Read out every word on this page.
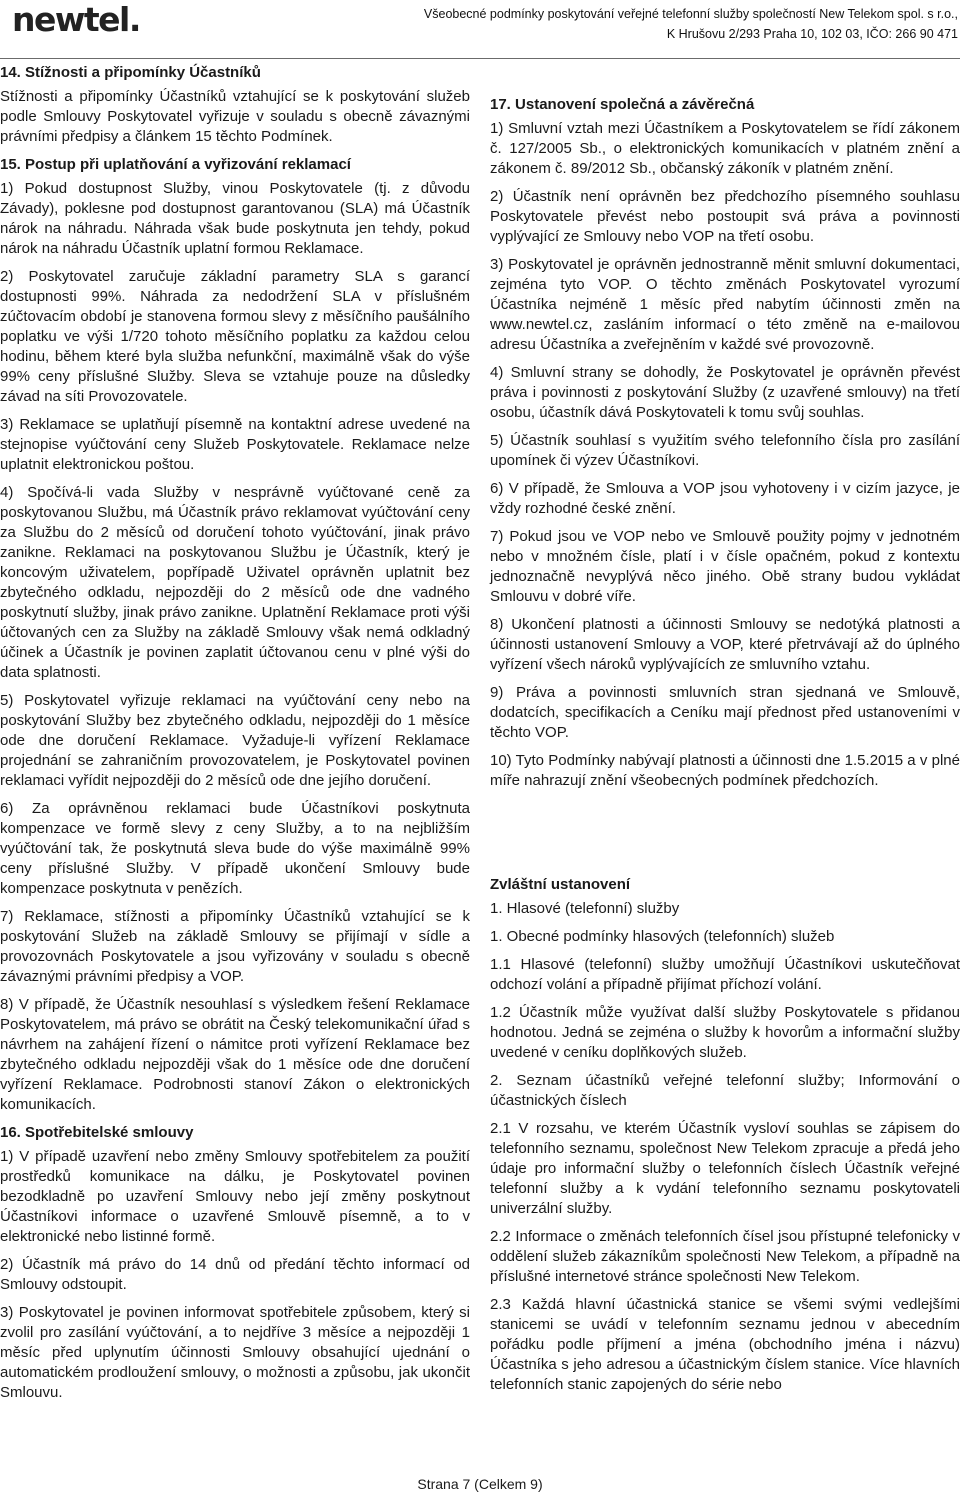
newtel.	Všeobecné podmínky poskytování veřejné telefonní služby společností New Telekom spol. s r.o.,
K Hrušovu 2/293 Praha 10, 102 03, IČO: 266 90 471
14. Stížnosti a připomínky Účastníků

Stížnosti a připomínky Účastníků vztahující se k poskytování služeb podle Smlouvy Poskytovatel vyřizuje v souladu s obecně závaznými právními předpisy a článkem 15 těchto Podmínek.

15. Postup při uplatňování a vyřizování reklamací

1) Pokud dostupnost Služby, vinou Poskytovatele (tj. z důvodu Závady), poklesne pod dostupnost garantovanou (SLA) má Účastník nárok na náhradu. Náhrada však bude poskytnuta jen tehdy, pokud nárok na náhradu Účastník uplatní formou Reklamace.

2) Poskytovatel zaručuje základní parametry SLA s garancí dostupnosti 99%. Náhrada za nedodržení SLA v příslušném zúčtovacím období je stanovena formou slevy z měsíčního paušálního poplatku ve výši 1/720 tohoto měsíčního poplatku za každou celou hodinu, během které byla služba nefunkční, maximálně však do výše 99% ceny příslušné Služby. Sleva se vztahuje pouze na důsledky závad na síti Provozovatele.

3) Reklamace se uplatňují písemně na kontaktní adrese uvedené na stejnopise vyúčtování ceny Služeb Poskytovatele. Reklamace nelze uplatnit elektronickou poštou.

4) Spočívá-li vada Služby v nesprávně vyúčtované ceně za poskytovanou Službu, má Účastník právo reklamovat vyúčtování ceny za Službu do 2 měsíců od doručení tohoto vyúčtování, jinak právo zanikne. Reklamaci na poskytovanou Službu je Účastník, který je koncovým uživatelem, popřípadě Uživatel oprávněn uplatnit bez zbytečného odkladu, nejpozději do 2 měsíců ode dne vadného poskytnutí služby, jinak právo zanikne. Uplatnění Reklamace proti výši účtovaných cen za Služby na základě Smlouvy však nemá odkladný účinek a Účastník je povinen zaplatit účtovanou cenu v plné výši do data splatnosti.

5) Poskytovatel vyřizuje reklamaci na vyúčtování ceny nebo na poskytování Služby bez zbytečného odkladu, nejpozději do 1 měsíce ode dne doručení Reklamace. Vyžaduje-li vyřízení Reklamace projednání se zahraničním provozovatelem, je Poskytovatel povinen reklamaci vyřídit nejpozději do 2 měsíců ode dne jejího doručení.

6) Za oprávněnou reklamaci bude Účastníkovi poskytnuta kompenzace ve formě slevy z ceny Služby, a to na nejbližším vyúčtování tak, že poskytnutá sleva bude do výše maximálně 99% ceny příslušné Služby. V případě ukončení Smlouvy bude kompenzace poskytnuta v penězích.

7) Reklamace, stížnosti a připomínky Účastníků vztahující se k poskytování Služeb na základě Smlouvy se přijímají v sídle a provozovnách Poskytovatele a jsou vyřizovány v souladu s obecně závaznými právními předpisy a VOP.

8) V případě, že Účastník nesouhlasí s výsledkem řešení Reklamace Poskytovatelem, má právo se obrátit na Český telekomunikační úřad s návrhem na zahájení řízení o námitce proti vyřízení Reklamace bez zbytečného odkladu nejpozději však do 1 měsíce ode dne doručení vyřízení Reklamace. Podrobnosti stanoví Zákon o elektronických komunikacích.

16. Spotřebitelské smlouvy

1) V případě uzavření nebo změny Smlouvy spotřebitelem za použití prostředků komunikace na dálku, je Poskytovatel povinen bezodkladně po uzavření Smlouvy nebo její změny poskytnout Účastníkovi informace o uzavřené Smlouvě písemně, a to v elektronické nebo listinné formě.

2) Účastník má právo do 14 dnů od předání těchto informací od Smlouvy odstoupit.

3) Poskytovatel je povinen informovat spotřebitele způsobem, který si zvolil pro zasílání vyúčtování, a to nejdříve 3 měsíce a nejpozději 1 měsíc před uplynutím účinnosti Smlouvy obsahující ujednání o automatickém prodloužení smlouvy, o možnosti a způsobu, jak ukončit Smlouvu.

17. Ustanovení společná a závěrečná

1) Smluvní vztah mezi Účastníkem a Poskytovatelem se řídí zákonem č. 127/2005 Sb., o elektronických komunikacích v platném znění a zákonem č. 89/2012 Sb., občanský zákoník v platném znění.

2) Účastník není oprávněn bez předchozího písemného souhlasu Poskytovatele převést nebo postoupit svá práva a povinnosti vyplývající ze Smlouvy nebo VOP na třetí osobu.

3) Poskytovatel je oprávněn jednostranně měnit smluvní dokumentaci, zejména tyto VOP. O těchto změnách Poskytovatel vyrozumí Účastníka nejméně 1 měsíc před nabytím účinnosti změn na www.newtel.cz, zasláním informací o této změně na e-mailovou adresu Účastníka a zveřejněním v každé své provozovně.

4) Smluvní strany se dohodly, že Poskytovatel je oprávněn převést práva i povinnosti z poskytování Služby (z uzavřené smlouvy) na třetí osobu, účastník dává Poskytovateli k tomu svůj souhlas.

5) Účastník souhlasí s využitím svého telefonního čísla pro zasílání upomínek či výzev Účastníkovi.

6) V případě, že Smlouva a VOP jsou vyhotoveny i v cizím jazyce, je vždy rozhodné české znění.

7) Pokud jsou ve VOP nebo ve Smlouvě použity pojmy v jednotném nebo v množném čísle, platí i v čísle opačném, pokud z kontextu jednoznačně nevyplývá něco jiného. Obě strany budou vykládat Smlouvu v dobré víře.

8) Ukončení platnosti a účinnosti Smlouvy se nedotýká platnosti a účinnosti ustanovení Smlouvy a VOP, které přetrvávají až do úplného vyřízení všech nároků vyplývajících ze smluvního vztahu.

9) Práva a povinnosti smluvních stran sjednaná ve Smlouvě, dodatcích, specifikacích a Ceníku mají přednost před ustanoveními v těchto VOP.

10) Tyto Podmínky nabývají platnosti a účinnosti dne 1.5.2015 a v plné míře nahrazují znění všeobecných podmínek předchozích.

Zvláštní ustanovení

1. Hlasové (telefonní) služby

1. Obecné podmínky hlasových (telefonních) služeb

1.1 Hlasové (telefonní) služby umožňují Účastníkovi uskutečňovat odchozí volání a případně přijímat příchozí volání.

1.2 Účastník může využívat další služby Poskytovatele s přidanou hodnotou. Jedná se zejména o služby k hovorům a informační služby uvedené v ceníku doplňkových služeb.

2. Seznam účastníků veřejné telefonní služby; Informování o účastnických číslech

2.1 V rozsahu, ve kterém Účastník vysloví souhlas se zápisem do telefonního seznamu, společnost New Telekom zpracuje a předá jeho údaje pro informační služby o telefonních číslech Účastník veřejné telefonní služby a k vydání telefonního seznamu poskytovateli univerzální služby.

2.2 Informace o změnách telefonních čísel jsou přístupné telefonicky v oddělení služeb zákazníkům společnosti New Telekom, a případně na příslušné internetové stránce společnosti New Telekom.

2.3 Každá hlavní účastnická stanice se všemi svými vedlejšími stanicemi se uvádí v telefonním seznamu jednou v abecedním pořádku podle příjmení a jména (obchodního jména i názvu) Účastníka s jeho adresou a účastnickým číslem stanice. Více hlavních telefonních stanic zapojených do série nebo

Strana 7 (Celkem 9)
